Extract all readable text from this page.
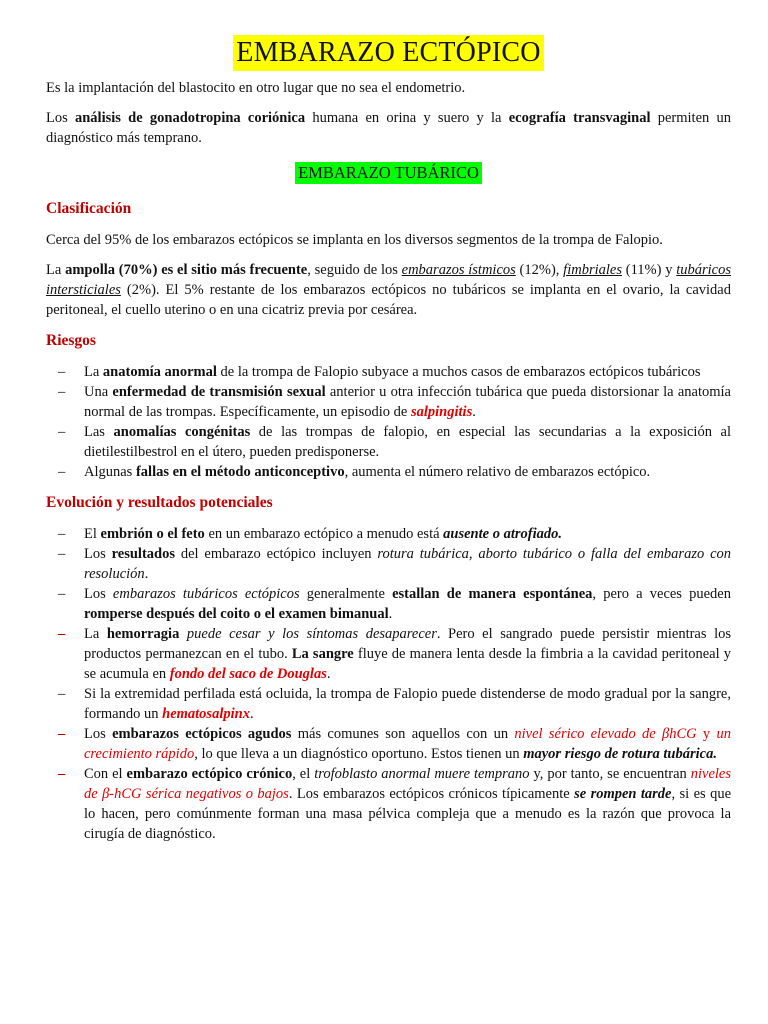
EMBARAZO ECTÓPICO

Es la implantación del blastocito en otro lugar que no sea el endometrio.

Los análisis de gonadotropina coriónica humana en orina y suero y la ecografía transvaginal permiten un diagnóstico más temprano.

EMBARAZO TUBÁRICO
Clasificación

Cerca del 95% de los embarazos ectópicos se implanta en los diversos segmentos de la trompa de Falopio.

La ampolla (70%) es el sitio más frecuente, seguido de los embarazos ístmicos (12%), fimbriales (11%) y tubáricos intersticiales (2%). El 5% restante de los embarazos ectópicos no tubáricos se implanta en el ovario, la cavidad peritoneal, el cuello uterino o en una cicatriz previa por cesárea.

Riesgos
– La anatomía anormal de la trompa de Falopio subyace a muchos casos de embarazos ectópicos tubáricos
– Una enfermedad de transmisión sexual anterior u otra infección tubárica que pueda distorsionar la anatomía normal de las trompas. Específicamente, un episodio de salpingitis.
– Las anomalías congénitas de las trompas de falopio, en especial las secundarias a la exposición al dietilestilbestrol en el útero, pueden predisponerse.
– Algunas fallas en el método anticonceptivo, aumenta el número relativo de embarazos ectópico.
Evolución y resultados potenciales
– El embrión o el feto en un embarazo ectópico a menudo está ausente o atrofiado.
– Los resultados del embarazo ectópico incluyen rotura tubárica, aborto tubárico o falla del embarazo con resolución.
– Los embarazos tubáricos ectópicos generalmente estallan de manera espontánea, pero a veces pueden romperse después del coito o el examen bimanual.
– La hemorragia puede cesar y los síntomas desaparecer. Pero el sangrado puede persistir mientras los productos permanezcan en el tubo. La sangre fluye de manera lenta desde la fimbria a la cavidad peritoneal y se acumula en fondo del saco de Douglas.
– Si la extremidad perfilada está ocluida, la trompa de Falopio puede distenderse de modo gradual por la sangre, formando un hematosalpinx.
– Los embarazos ectópicos agudos más comunes son aquellos con un nivel sérico elevado de βhCG y un crecimiento rápido, lo que lleva a un diagnóstico oportuno. Estos tienen un mayor riesgo de rotura tubárica.
– Con el embarazo ectópico crónico, el trofoblasto anormal muere temprano y, por tanto, se encuentran niveles de β-hCG sérica negativos o bajos. Los embarazos ectópicos crónicos típicamente se rompen tarde, si es que lo hacen, pero comúnmente forman una masa pélvica compleja que a menudo es la razón que provoca la cirugía de diagnóstico.
